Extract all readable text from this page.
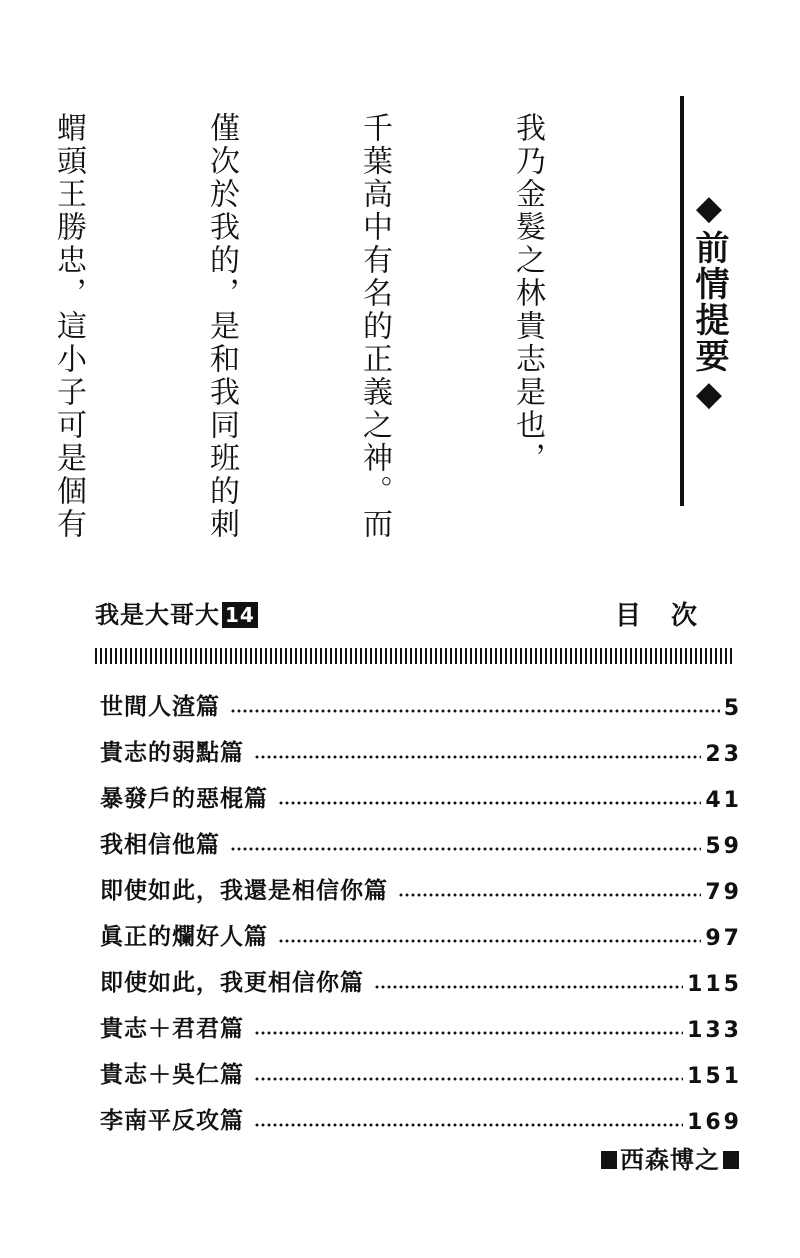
◆前情提要◆

我乃金髮之林貴志是也，

千葉高中有名的正義之神。而

僅次於我的，是和我同班的刺

蝟頭王勝忠，這小子可是個有

我是大哥大 14	目次
世間人渣篇	5
貴志的弱點篇	23
暴發戶的惡棍篇	41
我相信他篇	59
即使如此，我還是相信你篇	79
眞正的爛好人篇	97
即使如此，我更相信你篇	115
貴志＋君君篇	133
貴志＋吳仁篇	151
李南平反攻篇	169
西森博之
